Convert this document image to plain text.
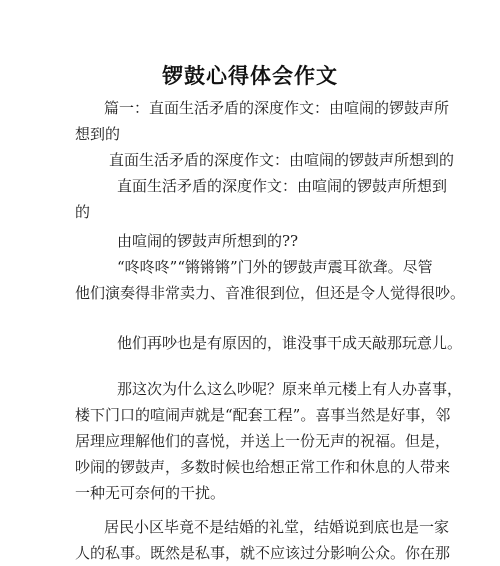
锣鼓心得体会作文
篇一：直面生活矛盾的深度作文：由喧闹的锣鼓声所
想到的
直面生活矛盾的深度作文：由喧闹的锣鼓声所想到的
直面生活矛盾的深度作文：由喧闹的锣鼓声所想到
的
由喧闹的锣鼓声所想到的??
“咚咚咚”“锵锵锵”门外的锣鼓声震耳欲聋。尽管
他们演奏得非常卖力、音准很到位，但还是令人觉得很吵。
他们再吵也是有原因的，谁没事干成天敲那玩意儿。
那这次为什么这么吵呢？原来单元楼上有人办喜事，
楼下门口的喧闹声就是“配套工程”。喜事当然是好事，邻
居理应理解他们的喜悦，并送上一份无声的祝福。但是，
吵闹的锣鼓声，多数时候也给想正常工作和休息的人带来
一种无可奈何的干扰。
居民小区毕竟不是结婚的礼堂，结婚说到底也是一家
人的私事。既然是私事，就不应该过分影响公众。你在那
